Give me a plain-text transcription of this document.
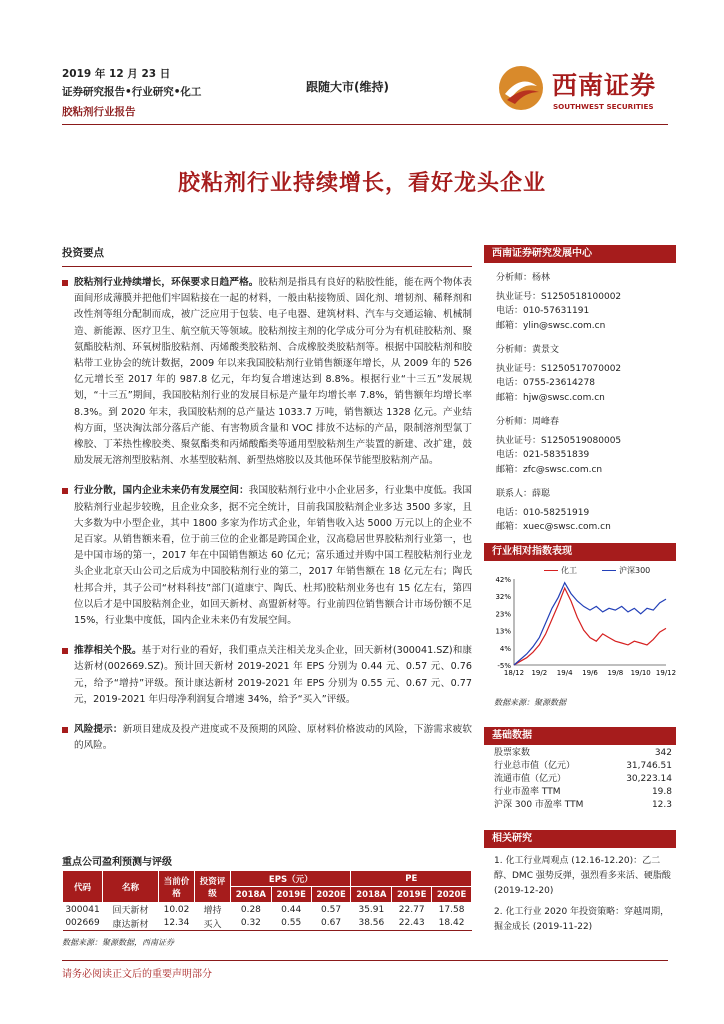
2019 年 12 月 23 日
证券研究报告•行业研究•化工
胶粘剂行业报告
跟随大市(维持)	西南证券
SOUTHWEST SECURITIES
胶粘剂行业持续增长，看好龙头企业
投资要点
胶粘剂行业持续增长，环保要求日趋严格。胶粘剂是指具有良好的粘胶性能，能在两个物体表面间形成薄膜并把他们牢固粘接在一起的材料，一般由粘接物质、固化剂、增韧剂、稀释剂和改性剂等组分配制而成，被广泛应用于包装、电子电器、建筑材料、汽车与交通运输、机械制造、新能源、医疗卫生、航空航天等领域。胶粘剂按主剂的化学成分可分为有机硅胶粘剂、聚氨酯胶粘剂、环氧树脂胶粘剂、丙烯酸类胶粘剂、合成橡胶类胶粘剂等。根据中国胶粘剂和胶粘带工业协会的统计数据，2009 年以来我国胶粘剂行业销售额逐年增长，从 2009 年的 526 亿元增长至 2017 年的 987.8 亿元，年均复合增速达到 8.8%。根据行业“十三五”发展规划，“十三五”期间，我国胶粘剂行业的发展目标是产量年均增长率 7.8%，销售额年均增长率 8.3%。到 2020 年末，我国胶粘剂的总产量达 1033.7 万吨，销售额达 1328 亿元。产业结构方面，坚决淘汰部分落后产能、有害物质含量和 VOC 排放不达标的产品，限制溶剂型氯丁橡胶、丁苯热性橡胶类、聚氨酯类和丙烯酸酯类等通用型胶粘剂生产装置的新建、改扩建，鼓励发展无溶剂型胶粘剂、水基型胶粘剂、新型热熔胶以及其他环保节能型胶粘剂产品。
行业分散，国内企业未来仍有发展空间：我国胶粘剂行业中小企业居多，行业集中度低。我国胶粘剂行业起步较晚，且企业众多，据不完全统计，目前我国胶粘剂企业多达 3500 多家，且大多数为中小型企业，其中 1800 多家为作坊式企业，年销售收入达 5000 万元以上的企业不足百家。从销售额来看，位于前三位的企业都是跨国企业，汉高稳居世界胶粘剂行业第一，也是中国市场的第一，2017 年在中国销售额达 60 亿元；富乐通过并购中国工程胶粘剂行业龙头企业北京天山公司之后成为中国胶粘剂行业的第二，2017 年销售额在 18 亿元左右；陶氏杜邦合并，其子公司“材料科技”部门(道康宁、陶氏、杜邦)胶粘剂业务也有 15 亿左右，第四位以后才是中国胶粘剂企业，如回天新材、高盟新材等。行业前四位销售额合计市场份额不足 15%，行业集中度低，国内企业未来仍有发展空间。
推荐相关个股。基于对行业的看好，我们重点关注相关龙头企业，回天新材(300041.SZ)和康达新材(002669.SZ)。预计回天新材 2019-2021 年 EPS 分别为 0.44 元、0.57 元、0.76 元，给予“增持”评级。预计康达新材 2019-2021 年 EPS 分别为 0.55 元、0.67 元、0.77 元，2019-2021 年归母净利润复合增速 34%，给予“买入”评级。
风险提示：新项目建成及投产进度或不及预期的风险、原材料价格波动的风险，下游需求疲软的风险。
重点公司盈利预测与评级
代码	名称	当前价格	投资评级	EPS（元）			PE		
				2018A	2019E	2020E	2018A	2019E	2020E
300041	回天新材	10.02	增持	0.28	0.44	0.57	35.91	22.77	17.58
002669	康达新材	12.34	买入	0.32	0.55	0.67	38.56	22.43	18.42
数据来源：聚源数据，西南证券
西南证券研究发展中心
分析师：杨林
执业证号：S1250518100002
电话：010-57631191
邮箱：ylin@swsc.com.cn
分析师：黄景文
执业证号：S1250517070002
电话：0755-23614278
邮箱：hjw@swsc.com.cn
分析师：周峰春
执业证号：S1250519080005
电话：021-58351839
邮箱：zfc@swsc.com.cn
联系人：薛聪
电话：010-58251919
邮箱：xuec@swsc.com.cn
行业相对指数表现
化工	沪深300
42%
32%
23%
13%
4%
-5%
18/12 19/2 19/4 19/6 19/8 19/10 19/12
数据来源：聚源数据
基础数据
股票家数	342
行业总市值（亿元）	31,746.51
流通市值（亿元）	30,223.14
行业市盈率 TTM	19.8
沪深 300 市盈率 TTM	12.3
相关研究
1. 化工行业周观点 (12.16-12.20)：乙二醇、DMC 强势反弹，强烈看多来活、硬脂酸 (2019-12-20)
2. 化工行业 2020 年投资策略：穿越周期，掘金成长 (2019-11-22)
请务必阅读正文后的重要声明部分
